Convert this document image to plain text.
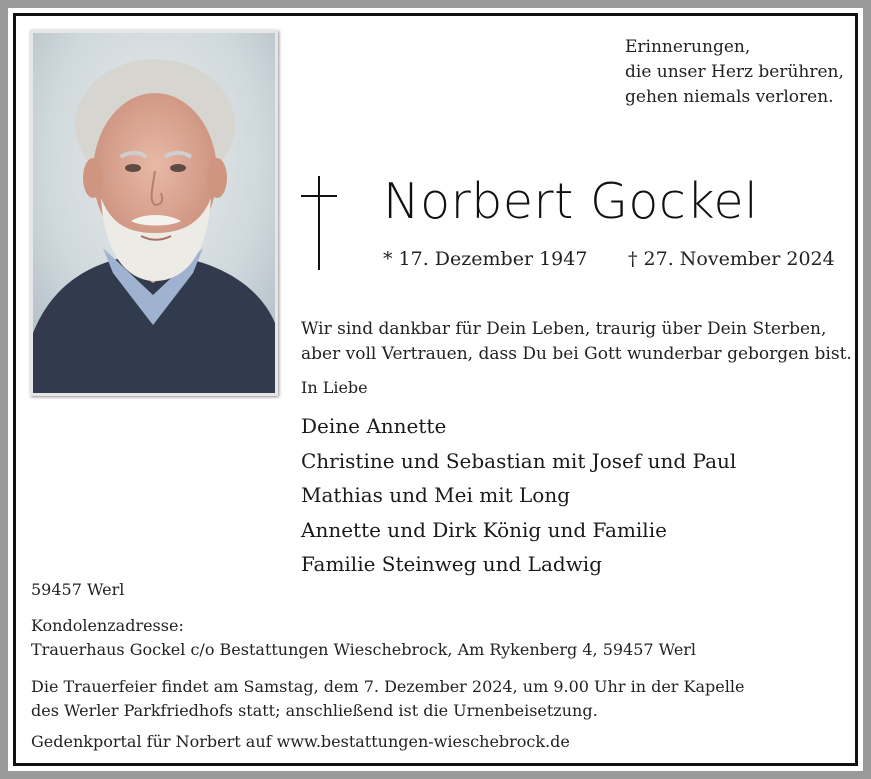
Erinnerungen,
die unser Herz berühren,
gehen niemals verloren.
Norbert Gockel
* 17. Dezember 1947 † 27. November 2024
Wir sind dankbar für Dein Leben, traurig über Dein Sterben,
aber voll Vertrauen, dass Du bei Gott wunderbar geborgen bist.
In Liebe
Deine Annette
Christine und Sebastian mit Josef und Paul
Mathias und Mei mit Long
Annette und Dirk König und Familie
Familie Steinweg und Ladwig
59457 Werl
Kondolenzadresse:
Trauerhaus Gockel c/o Bestattungen Wieschebrock, Am Rykenberg 4, 59457 Werl
Die Trauerfeier findet am Samstag, dem 7. Dezember 2024, um 9.00 Uhr in der Kapelle
des Werler Parkfriedhofs statt; anschließend ist die Urnenbeisetzung.
Gedenkportal für Norbert auf www.bestattungen-wieschebrock.de
